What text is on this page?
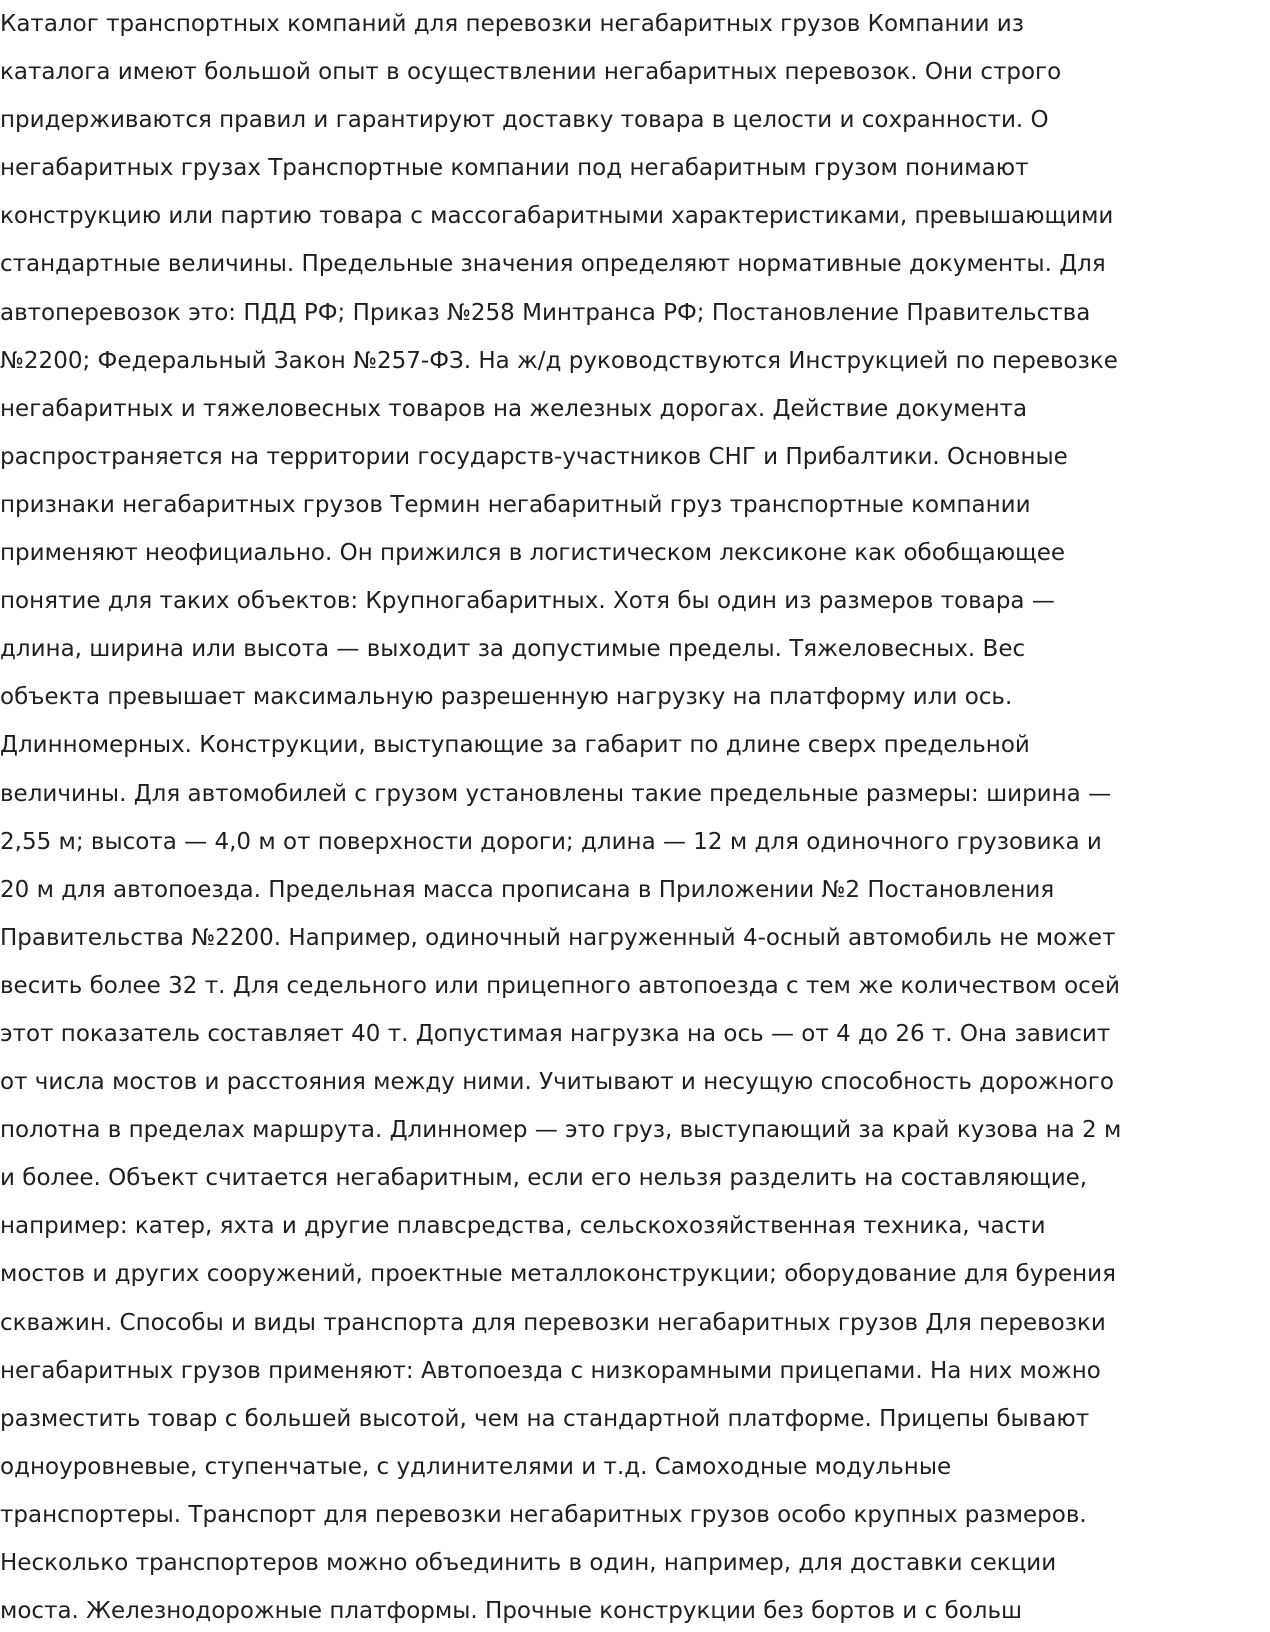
Каталог транспортных компаний для перевозки негабаритных грузов Компании из
каталога имеют большой опыт в осуществлении негабаритных перевозок. Они строго
придерживаются правил и гарантируют доставку товара в целости и сохранности. О
негабаритных грузах Транспортные компании под негабаритным грузом понимают
конструкцию или партию товара с массогабаритными характеристиками, превышающими
стандартные величины. Предельные значения определяют нормативные документы. Для
автоперевозок это: ПДД РФ; Приказ №258 Минтранса РФ; Постановление Правительства
№2200; Федеральный Закон №257-ФЗ. На ж/д руководствуются Инструкцией по перевозке
негабаритных и тяжеловесных товаров на железных дорогах. Действие документа
распространяется на территории государств-участников СНГ и Прибалтики. Основные
признаки негабаритных грузов Термин негабаритный груз транспортные компании
применяют неофициально. Он прижился в логистическом лексиконе как обобщающее
понятие для таких объектов: Крупногабаритных. Хотя бы один из размеров товара —
длина, ширина или высота — выходит за допустимые пределы. Тяжеловесных. Вес
объекта превышает максимальную разрешенную нагрузку на платформу или ось.
Длинномерных. Конструкции, выступающие за габарит по длине сверх предельной
величины. Для автомобилей с грузом установлены такие предельные размеры: ширина —
2,55 м; высота — 4,0 м от поверхности дороги; длина — 12 м для одиночного грузовика и
20 м для автопоезда. Предельная масса прописана в Приложении №2 Постановления
Правительства №2200. Например, одиночный нагруженный 4-осный автомобиль не может
весить более 32 т. Для седельного или прицепного автопоезда с тем же количеством осей
этот показатель составляет 40 т. Допустимая нагрузка на ось — от 4 до 26 т. Она зависит
от числа мостов и расстояния между ними. Учитывают и несущую способность дорожного
полотна в пределах маршрута. Длинномер — это груз, выступающий за край кузова на 2 м
и более. Объект считается негабаритным, если его нельзя разделить на составляющие,
например: катер, яхта и другие плавсредства, сельскохозяйственная техника, части
мостов и других сооружений, проектные металлоконструкции; оборудование для бурения
скважин. Способы и виды транспорта для перевозки негабаритных грузов Для перевозки
негабаритных грузов применяют: Автопоезда с низкорамными прицепами. На них можно
разместить товар с большей высотой, чем на стандартной платформе. Прицепы бывают
одноуровневые, ступенчатые, с удлинителями и т.д. Самоходные модульные
транспортеры. Транспорт для перевозки негабаритных грузов особо крупных размеров.
Несколько транспортеров можно объединить в один, например, для доставки секции
моста. Железнодорожные платформы. Прочные конструкции без бортов и с больш
